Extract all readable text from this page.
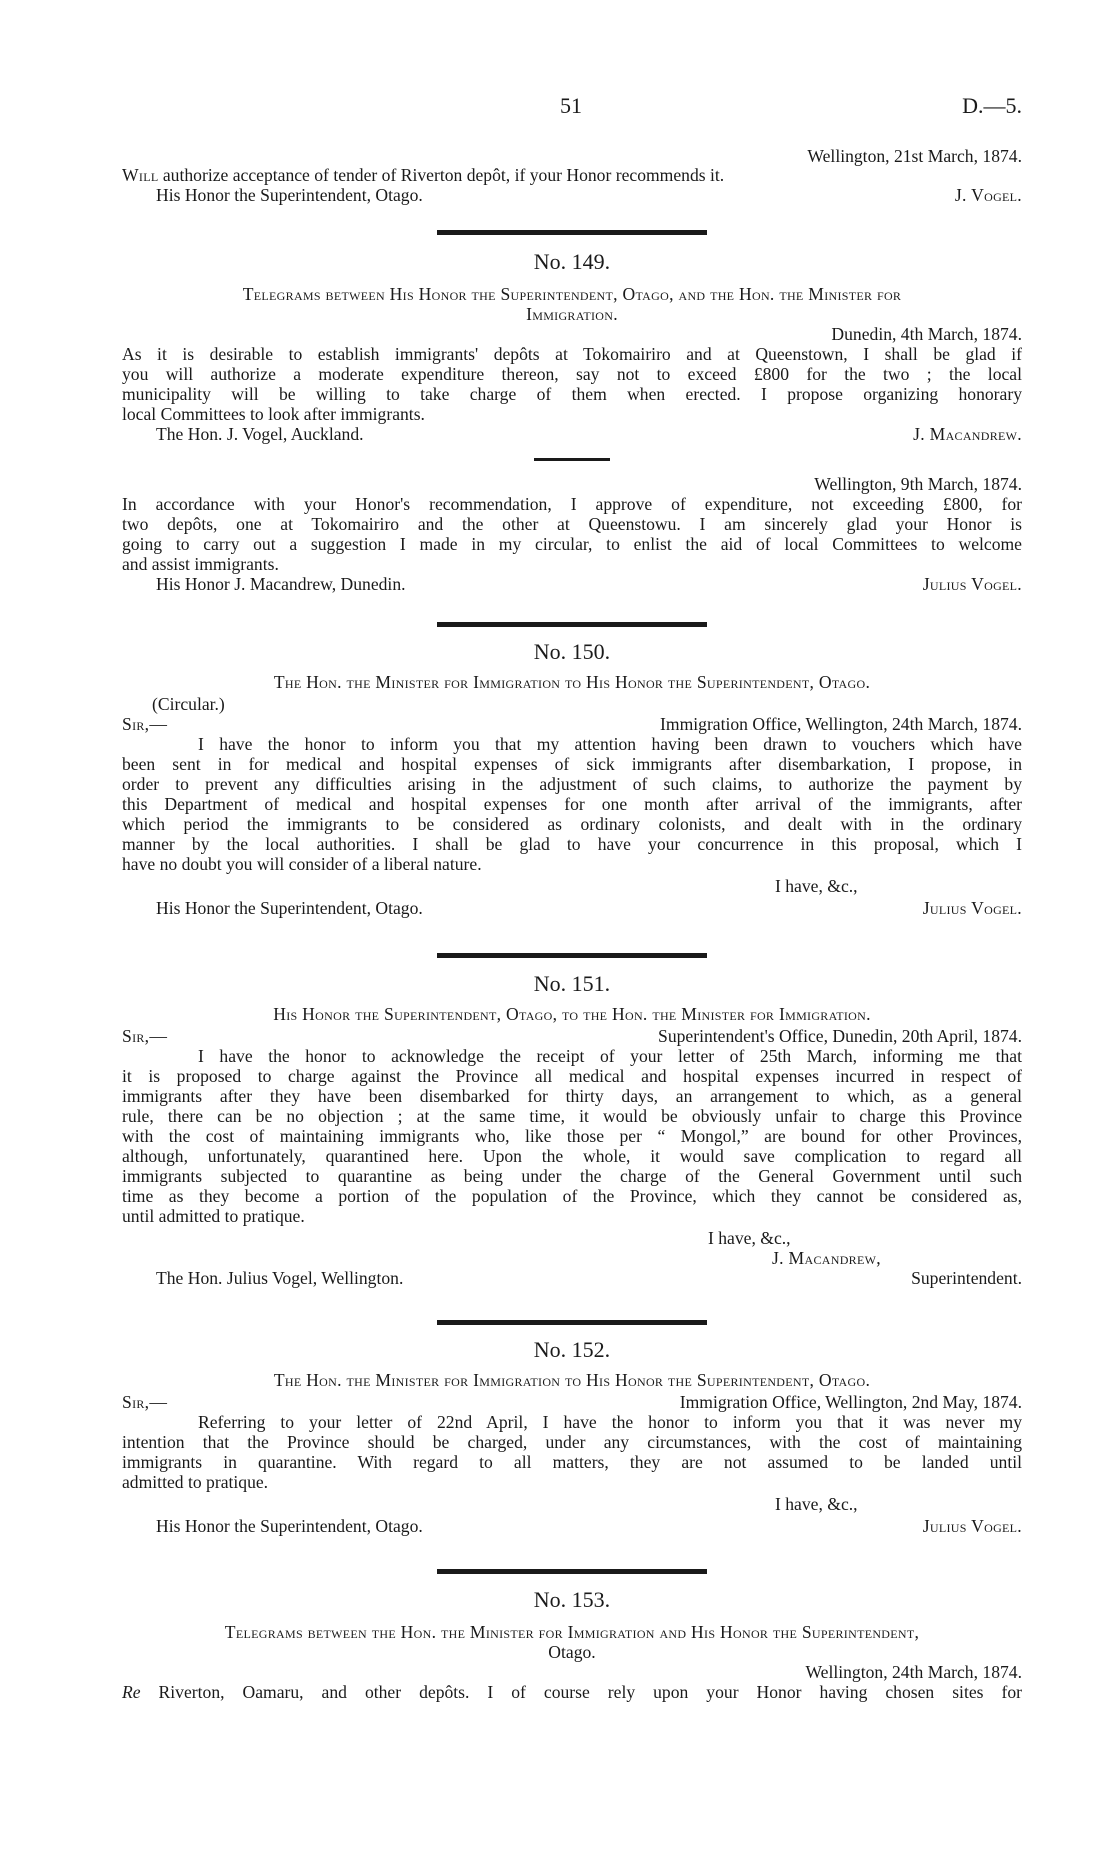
51	D.—5.
Wellington, 21st March, 1874.
Will authorize acceptance of tender of Riverton depôt, if your Honor recommends it.
His Honor the Superintendent, Otago.	J. Vogel.
No. 149.
Telegrams between His Honor the Superintendent, Otago, and the Hon. the Minister for
Immigration.
Dunedin, 4th March, 1874.
As it is desirable to establish immigrants' depôts at Tokomairiro and at Queenstown, I shall be glad if
you will authorize a moderate expenditure thereon, say not to exceed £800 for the two ; the local
municipality will be willing to take charge of them when erected. I propose organizing honorary
local Committees to look after immigrants.
The Hon. J. Vogel, Auckland.	J. Macandrew.
Wellington, 9th March, 1874.
In accordance with your Honor's recommendation, I approve of expenditure, not exceeding £800, for
two depôts, one at Tokomairiro and the other at Queenstowu. I am sincerely glad your Honor is
going to carry out a suggestion I made in my circular, to enlist the aid of local Committees to welcome
and assist immigrants.
His Honor J. Macandrew, Dunedin.	Julius Vogel.
No. 150.
The Hon. the Minister for Immigration to His Honor the Superintendent, Otago.
(Circular.)
Sir,—	Immigration Office, Wellington, 24th March, 1874.
I have the honor to inform you that my attention having been drawn to vouchers which have
been sent in for medical and hospital expenses of sick immigrants after disembarkation, I propose, in
order to prevent any difficulties arising in the adjustment of such claims, to authorize the payment by
this Department of medical and hospital expenses for one month after arrival of the immigrants, after
which period the immigrants to be considered as ordinary colonists, and dealt with in the ordinary
manner by the local authorities. I shall be glad to have your concurrence in this proposal, which I
have no doubt you will consider of a liberal nature.
I have, &c.,
His Honor the Superintendent, Otago.	Julius Vogel.
No. 151.
His Honor the Superintendent, Otago, to the Hon. the Minister for Immigration.
Sir,—	Superintendent's Office, Dunedin, 20th April, 1874.
I have the honor to acknowledge the receipt of your letter of 25th March, informing me that
it is proposed to charge against the Province all medical and hospital expenses incurred in respect of
immigrants after they have been disembarked for thirty days, an arrangement to which, as a general
rule, there can be no objection ; at the same time, it would be obviously unfair to charge this Province
with the cost of maintaining immigrants who, like those per “ Mongol,” are bound for other Provinces,
although, unfortunately, quarantined here. Upon the whole, it would save complication to regard all
immigrants subjected to quarantine as being under the charge of the General Government until such
time as they become a portion of the population of the Province, which they cannot be considered as,
until admitted to pratique.
I have, &c.,
J. Macandrew,
The Hon. Julius Vogel, Wellington.	Superintendent.
No. 152.
The Hon. the Minister for Immigration to His Honor the Superintendent, Otago.
Sir,—	Immigration Office, Wellington, 2nd May, 1874.
Referring to your letter of 22nd April, I have the honor to inform you that it was never my
intention that the Province should be charged, under any circumstances, with the cost of maintaining
immigrants in quarantine. With regard to all matters, they are not assumed to be landed until
admitted to pratique.
I have, &c.,
His Honor the Superintendent, Otago.	Julius Vogel.
No. 153.
Telegrams between the Hon. the Minister for Immigration and His Honor the Superintendent,
Otago.
Wellington, 24th March, 1874.
Re Riverton, Oamaru, and other depôts. I of course rely upon your Honor having chosen sites for
